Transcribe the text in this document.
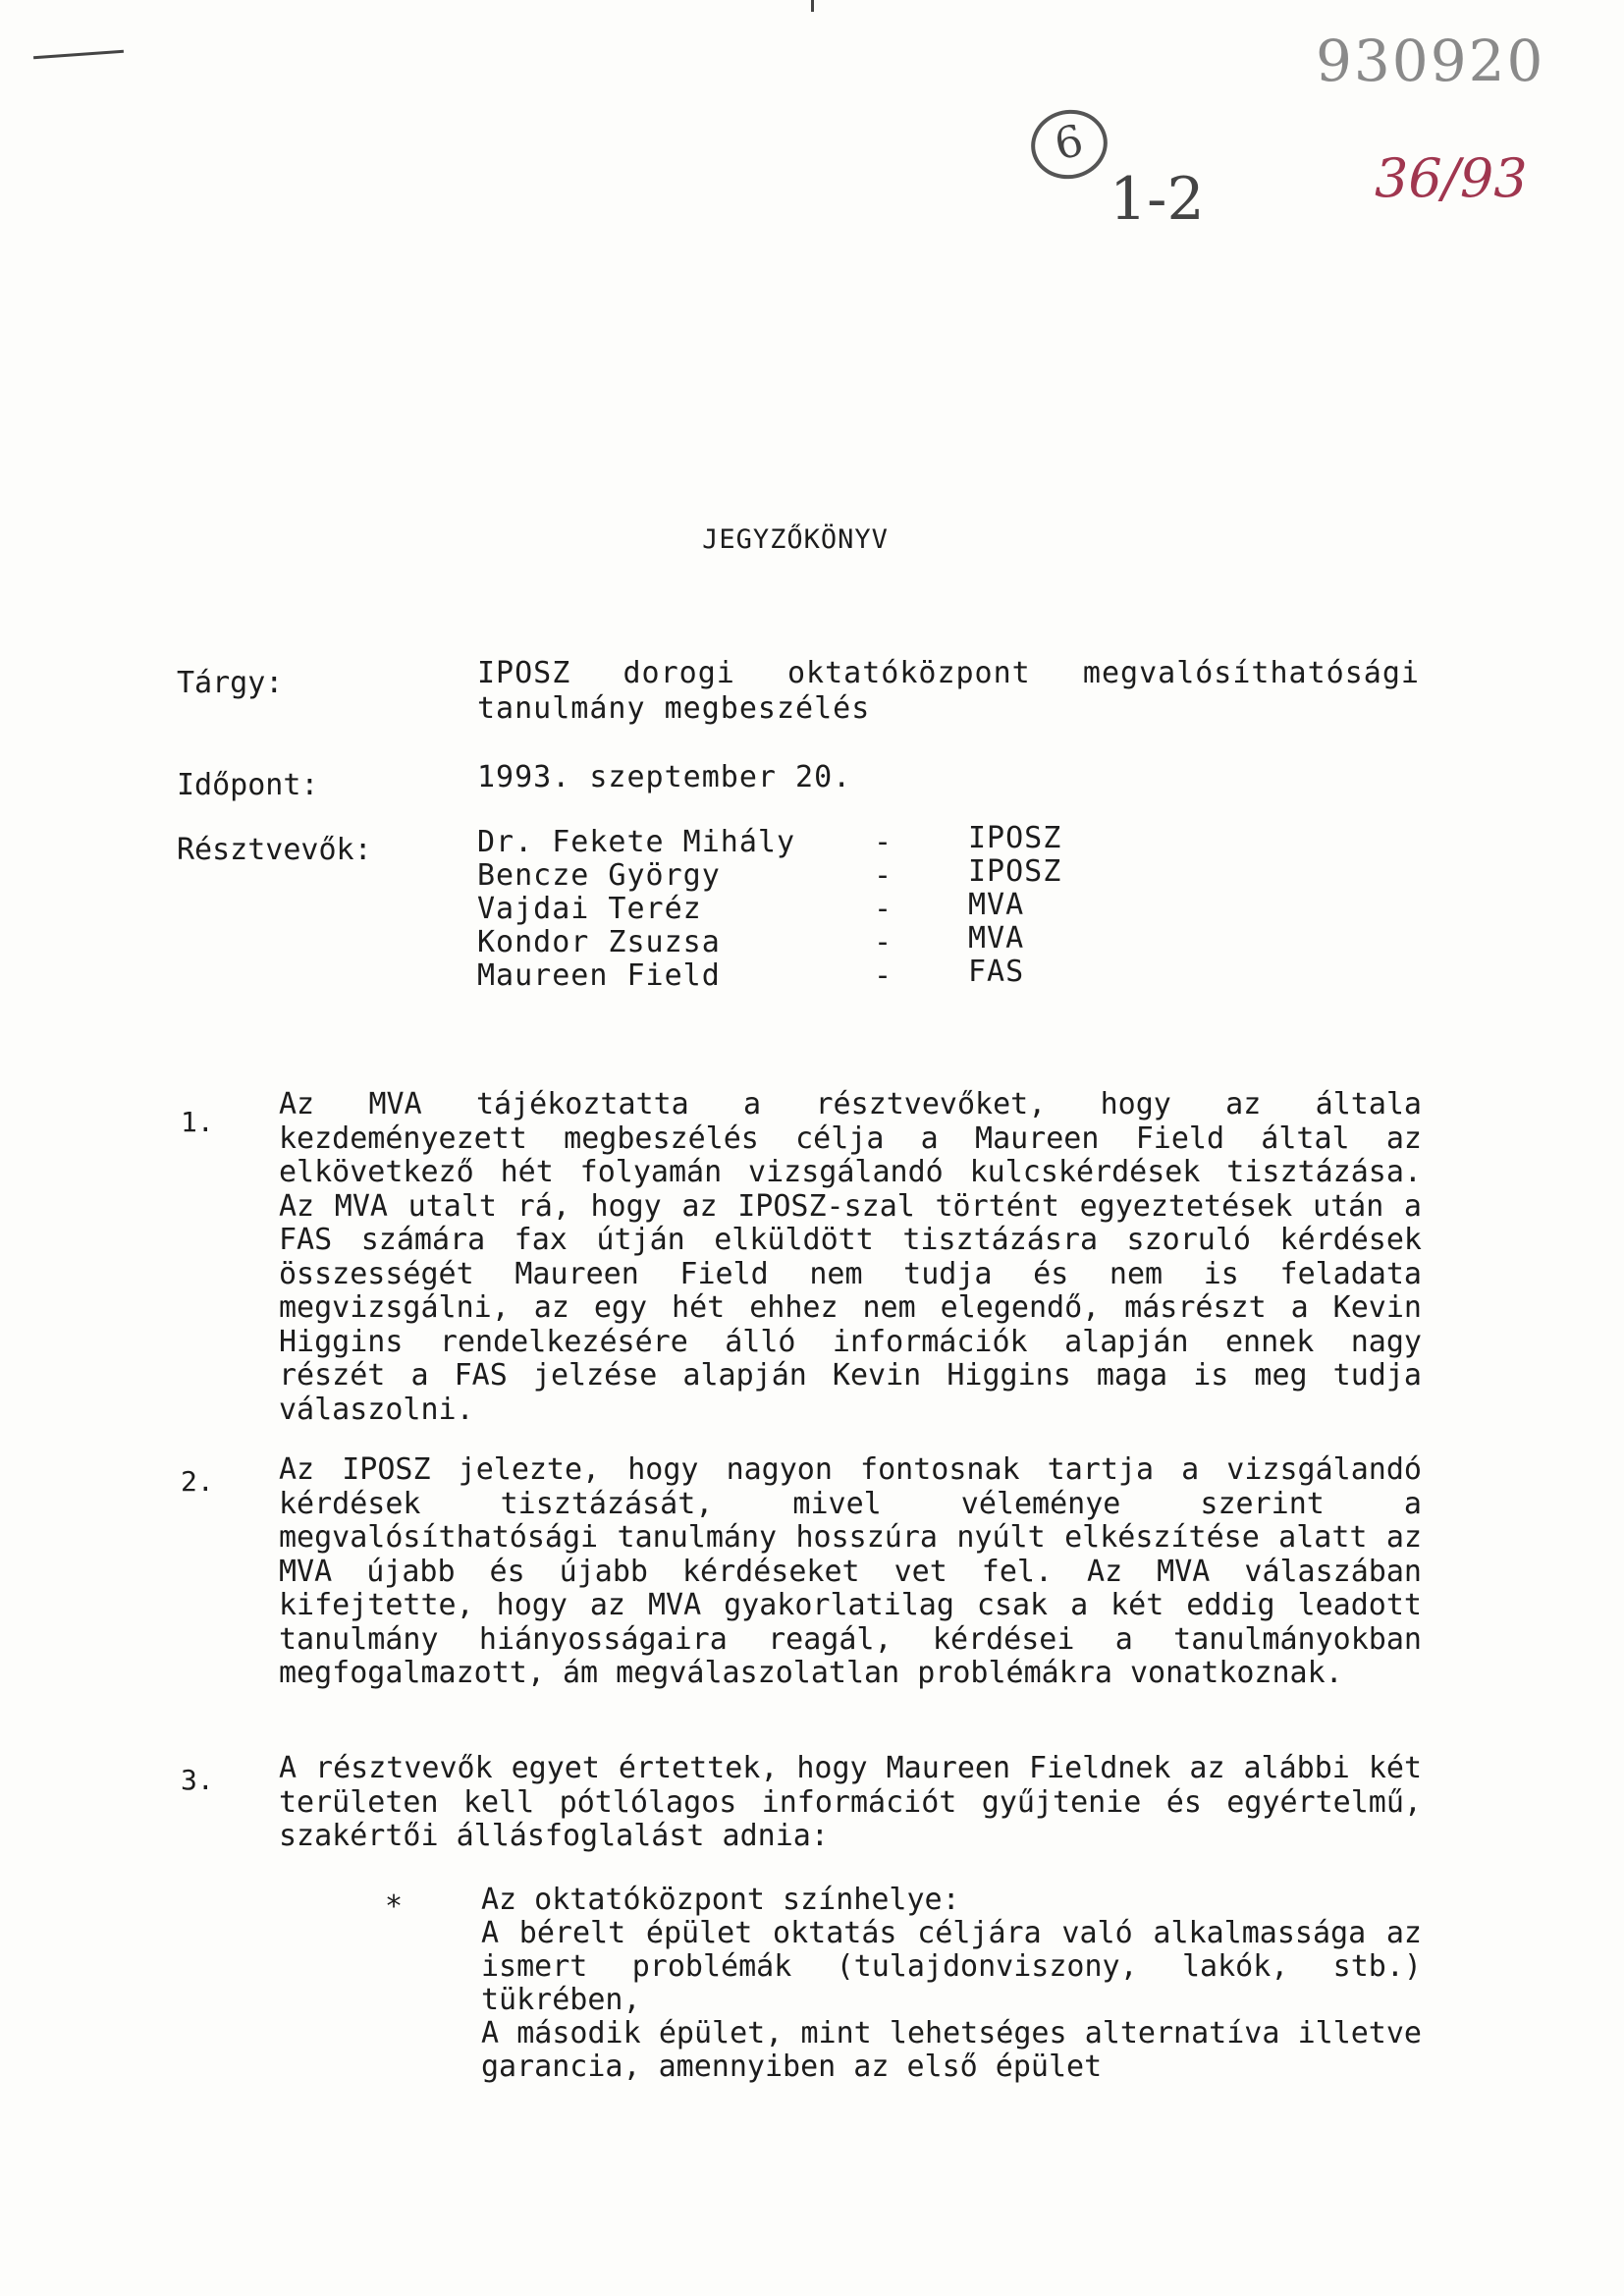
930920
6
36/93
1-2
JEGYZŐKÖNYV
Tárgy:	IPOSZ dorogi oktatóközpont megvalósíthatósági tanulmány megbeszélés
Időpont:	1993. szeptember 20.
Résztvevők:	Dr. Fekete Mihály	-	IPOSZ
Bencze György	-	IPOSZ
Vajdai Teréz	-	MVA
Kondor Zsuzsa	-	MVA
Maureen Field	-	FAS
1.
Az MVA tájékoztatta a résztvevőket, hogy az általa kezdeményezett megbeszélés célja a Maureen Field által az elkövetkező hét folyamán vizsgálandó kulcskérdések tisztázása. Az MVA utalt rá, hogy az IPOSZ-szal történt egyeztetések után a FAS számára fax útján elküldött tisztázásra szoruló kérdések összességét Maureen Field nem tudja és nem is feladata megvizsgálni, az egy hét ehhez nem elegendő, másrészt a Kevin Higgins rendelkezésére álló információk alapján ennek nagy részét a FAS jelzése alapján Kevin Higgins maga is meg tudja válaszolni.
2. Az IPOSZ jelezte, hogy nagyon fontosnak tartja a vizsgálandó kérdések tisztázását, mivel véleménye szerint a megvalósíthatósági tanulmány hosszúra nyúlt elkészítése alatt az MVA újabb és újabb kérdéseket vet fel. Az MVA válaszában kifejtette, hogy az MVA gyakorlatilag csak a két eddig leadott tanulmány hiányosságaira reagál, kérdései a tanulmányokban megfogalmazott, ám megválaszolatlan problémákra vonatkoznak.
3. A résztvevők egyet értettek, hogy Maureen Fieldnek az alábbi két területen kell pótlólagos információt gyűjtenie és egyértelmű, szakértői állásfoglalást adnia:
*	Az oktatóközpont színhelye:
A bérelt épület oktatás céljára való alkalmassága az ismert problémák (tulajdonviszony, lakók, stb.) tükrében,
A második épület, mint lehetséges alternatíva illetve garancia, amennyiben az első épület
